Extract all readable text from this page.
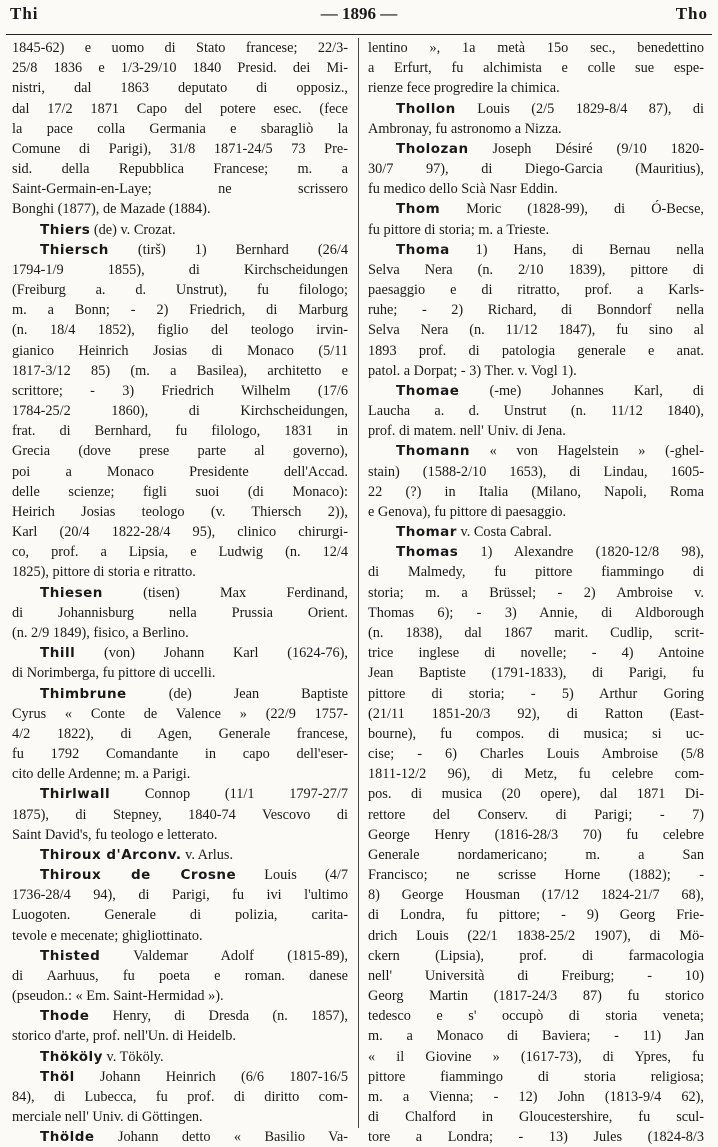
Thi	— 1896 —	Tho
1845-62) e uomo di Stato francese; 22/3-
25/8 1836 e 1/3-29/10 1840 Presid. dei Mi-
nistri, dal 1863 deputato di opposiz.,
dal 17/2 1871 Capo del potere esec. (fece
la pace colla Germania e sbaragliò la
Comune di Parigi), 31/8 1871-24/5 73 Pre-
sid. della Repubblica Francese; m. a
Saint-Germain-en-Laye; ne scrissero
Bonghi (1877), de Mazade (1884).
Thiers (de) v. Crozat.
Thiersch (tirš) 1) Bernhard (26/4
1794-1/9 1855), di Kirchscheidungen
(Freiburg a. d. Unstrut), fu filologo;
m. a Bonn; - 2) Friedrich, di Marburg
(n. 18/4 1852), figlio del teologo irvin-
gianico Heinrich Josias di Monaco (5/11
1817-3/12 85) (m. a Basilea), architetto e
scrittore; - 3) Friedrich Wilhelm (17/6
1784-25/2 1860), di Kirchscheidungen,
frat. di Bernhard, fu filologo, 1831 in
Grecia (dove prese parte al governo),
poi a Monaco Presidente dell'Accad.
delle scienze; figli suoi (di Monaco):
Heirich Josias teologo (v. Thiersch 2)),
Karl (20/4 1822-28/4 95), clinico chirurgi-
co, prof. a Lipsia, e Ludwig (n. 12/4
1825), pittore di storia e ritratto.
Thiesen (tisen) Max Ferdinand,
di Johannisburg nella Prussia Orient.
(n. 2/9 1849), fisico, a Berlino.
Thill (von) Johann Karl (1624-76),
di Norimberga, fu pittore di uccelli.
Thimbrune (de) Jean Baptiste
Cyrus « Conte de Valence » (22/9 1757-
4/2 1822), di Agen, Generale francese,
fu 1792 Comandante in capo dell'eser-
cito delle Ardenne; m. a Parigi.
Thirlwall Connop (11/1 1797-27/7
1875), di Stepney, 1840-74 Vescovo di
Saint David's, fu teologo e letterato.
Thiroux d'Arconv. v. Arlus.
Thiroux de Crosne Louis (4/7
1736-28/4 94), di Parigi, fu ivi l'ultimo
Luogoten. Generale di polizia, carita-
tevole e mecenate; ghigliottinato.
Thisted Valdemar Adolf (1815-89),
di Aarhuus, fu poeta e roman. danese
(pseudon.: « Em. Saint-Hermidad »).
Thode Henry, di Dresda (n. 1857),
storico d'arte, prof. nell'Un. di Heidelb.
Thököly v. Tököly.
Thöl Johann Heinrich (6/6 1807-16/5
84), di Lubecca, fu prof. di diritto com-
merciale nell' Univ. di Göttingen.
Thölde Johann detto « Basilio Va-
lentino », 1a metà 15o sec., benedettino
a Erfurt, fu alchimista e colle sue espe-
rienze fece progredire la chimica.
Thollon Louis (2/5 1829-8/4 87), di
Ambronay, fu astronomo a Nizza.
Tholozan Joseph Désiré (9/10 1820-
30/7 97), di Diego-Garcia (Mauritius),
fu medico dello Scià Nasr Eddin.
Thom Moric (1828-99), di Ó-Becse,
fu pittore di storia; m. a Trieste.
Thoma 1) Hans, di Bernau nella
Selva Nera (n. 2/10 1839), pittore di
paesaggio e di ritratto, prof. a Karls-
ruhe; - 2) Richard, di Bonndorf nella
Selva Nera (n. 11/12 1847), fu sino al
1893 prof. di patologia generale e anat.
patol. a Dorpat; - 3) Ther. v. Vogl 1).
Thomae (-me) Johannes Karl, di
Laucha a. d. Unstrut (n. 11/12 1840),
prof. di matem. nell' Univ. di Jena.
Thomann « von Hagelstein » (-ghel-
stain) (1588-2/10 1653), di Lindau, 1605-
22 (?) in Italia (Milano, Napoli, Roma
e Genova), fu pittore di paesaggio.
Thomar v. Costa Cabral.
Thomas 1) Alexandre (1820-12/8 98),
di Malmedy, fu pittore fiammingo di
storia; m. a Brüssel; - 2) Ambroise v.
Thomas 6); - 3) Annie, di Aldborough
(n. 1838), dal 1867 marit. Cudlip, scrit-
trice inglese di novelle; - 4) Antoine
Jean Baptiste (1791-1833), di Parigi, fu
pittore di storia; - 5) Arthur Goring
(21/11 1851-20/3 92), di Ratton (East-
bourne), fu compos. di musica; si uc-
cise; - 6) Charles Louis Ambroise (5/8
1811-12/2 96), di Metz, fu celebre com-
pos. di musica (20 opere), dal 1871 Di-
rettore del Conserv. di Parigi; - 7)
George Henry (1816-28/3 70) fu celebre
Generale nordamericano; m. a San
Francisco; ne scrisse Horne (1882); -
8) George Housman (17/12 1824-21/7 68),
di Londra, fu pittore; - 9) Georg Frie-
drich Louis (22/1 1838-25/2 1907), di Mö-
ckern (Lipsia), prof. di farmacologia
nell' Università di Freiburg; - 10)
Georg Martin (1817-24/3 87) fu storico
tedesco e s' occupò di storia veneta;
m. a Monaco di Baviera; - 11) Jan
« il Giovine » (1617-73), di Ypres, fu
pittore fiammingo di storia religiosa;
m. a Vienna; - 12) John (1813-9/4 62),
di Chalford in Gloucestershire, fu scul-
tore a Londra; - 13) Jules (1824-8/3
